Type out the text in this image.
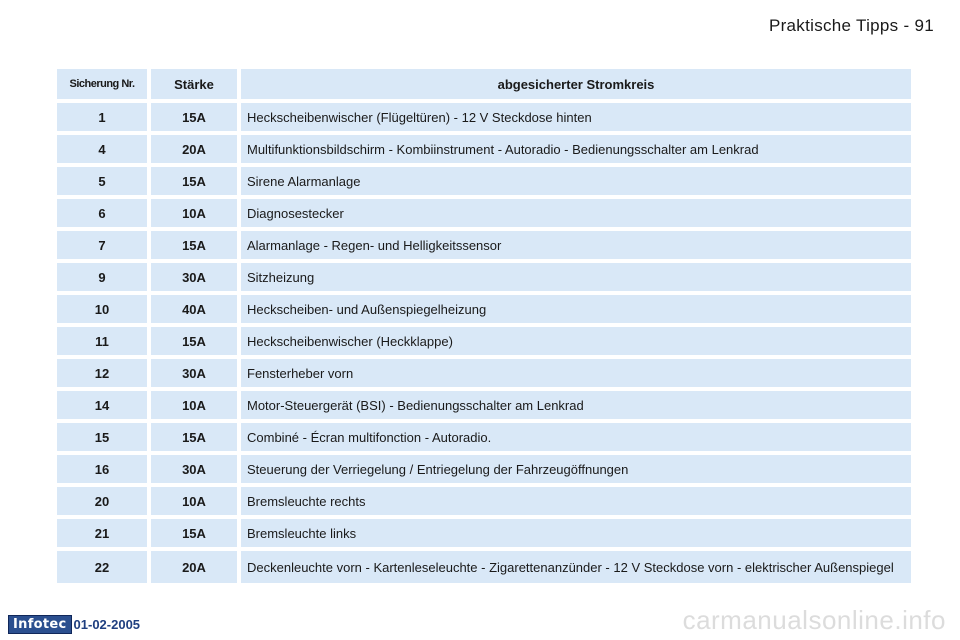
Praktische Tipps - 91
Sicherung Nr.	Stärke	abgesicherter Stromkreis
1	15A	Heckscheibenwischer (Flügeltüren) - 12 V Steckdose hinten
4	20A	Multifunktionsbildschirm - Kombiinstrument - Autoradio - Bedienungsschalter am Lenkrad
5	15A	Sirene Alarmanlage
6	10A	Diagnosestecker
7	15A	Alarmanlage - Regen- und Helligkeitssensor
9	30A	Sitzheizung
10	40A	Heckscheiben- und Außenspiegelheizung
11	15A	Heckscheibenwischer (Heckklappe)
12	30A	Fensterheber vorn
14	10A	Motor-Steuergerät (BSI) - Bedienungsschalter am Lenkrad
15	15A	Combiné - Écran multifonction - Autoradio.
16	30A	Steuerung der Verriegelung / Entriegelung der Fahrzeugöffnungen
20	10A	Bremsleuchte rechts
21	15A	Bremsleuchte links
22	20A	Deckenleuchte vorn - Kartenleseleuchte - Zigarettenanzünder - 12 V Steckdose vorn - elektrischer Außenspiegel
Infotec 01-02-2005	carmanualsonline.info
